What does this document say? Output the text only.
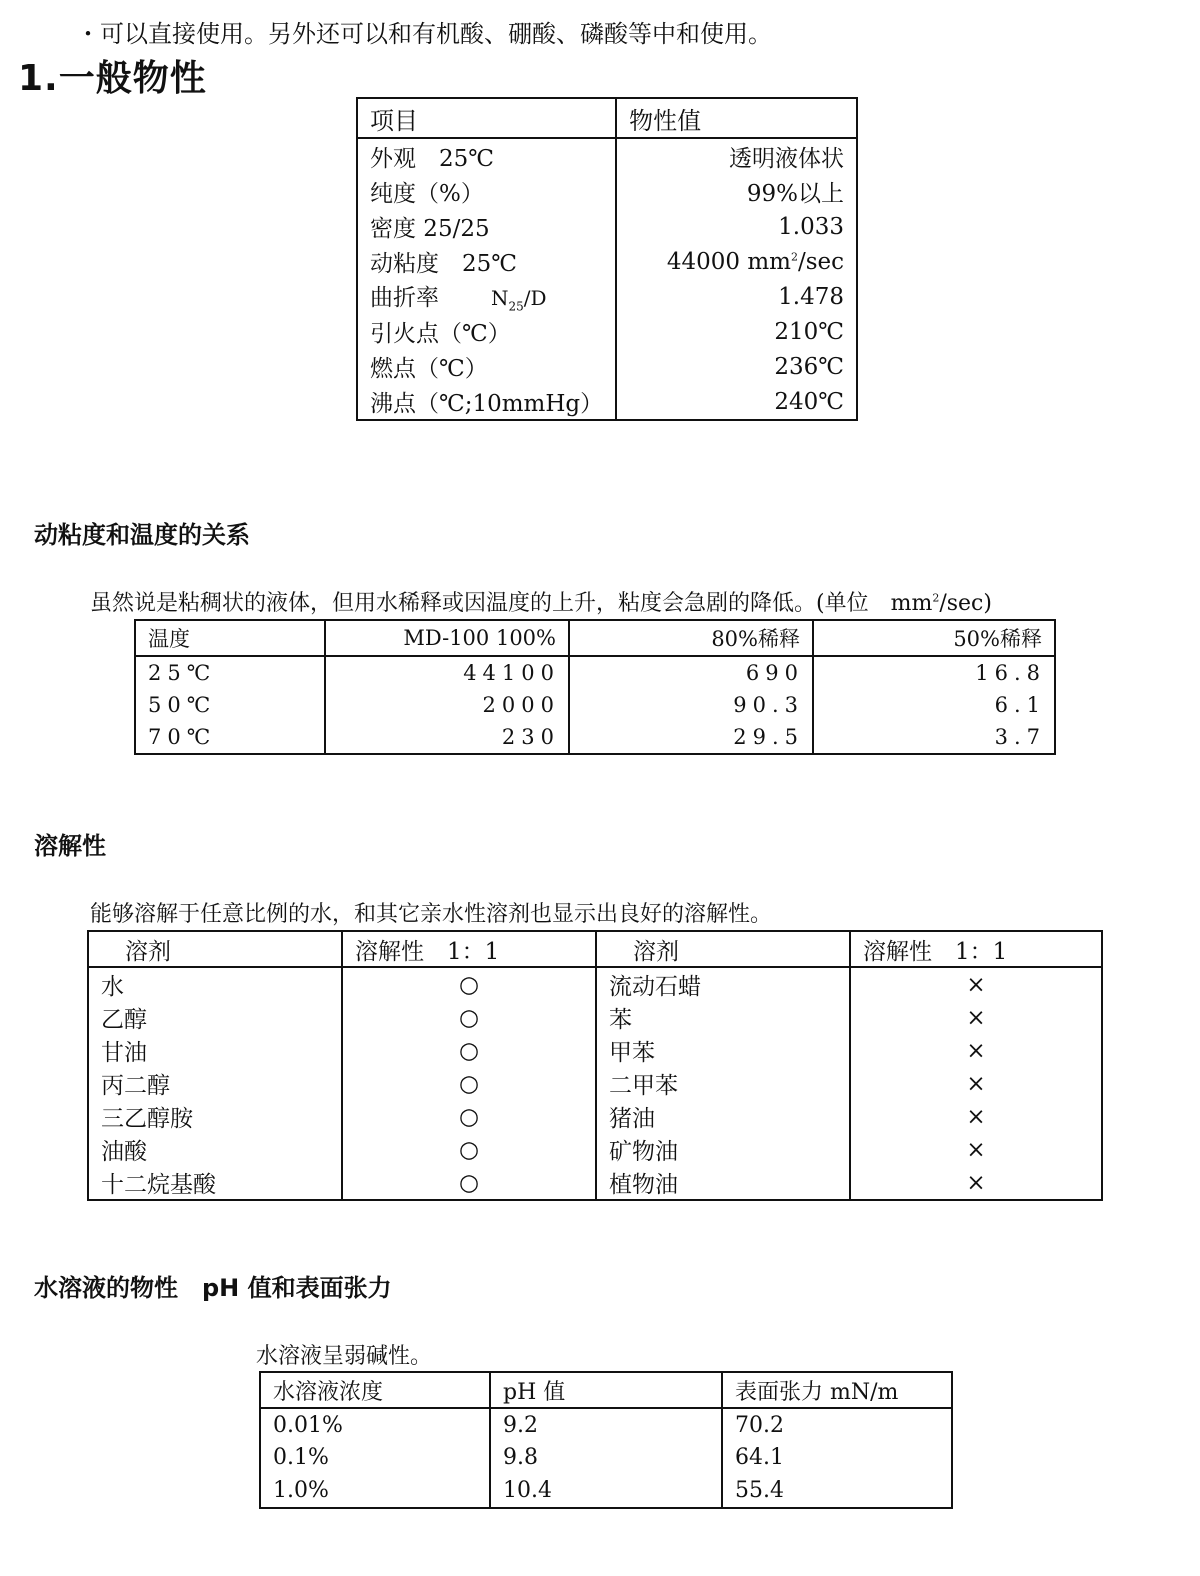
・可以直接使用。另外还可以和有机酸、硼酸、磷酸等中和使用。
1.一般物性
项目	物性值
外观　25℃	透明液体状
纯度（%）	99%以上
密度 25/25	1.033
动粘度　25℃	44000 $mm^2/\sec$
曲折率 $N_{25}/D$	1.478
引火点（℃）	210℃
燃点（℃）	236℃
沸点（℃;10mmHg）	240℃
动粘度和温度的关系
虽然说是粘稠状的液体，但用水稀释或因温度的上升，粘度会急剧的降低。(单位　$mm^2/\sec$)
温度	MD-100 100%	80%稀释	50%稀释
25℃	44100	690	16.8
50℃	2000	90.3	6.1
70℃	230	29.5	3.7
溶解性
能够溶解于任意比例的水，和其它亲水性溶剂也显示出良好的溶解性。
溶剂	溶解性　1：1	溶剂	溶解性　1：1
水	○	流动石蜡	×
乙醇	○	苯	×
甘油	○	甲苯	×
丙二醇	○	二甲苯	×
三乙醇胺	○	猪油	×
油酸	○	矿物油	×
十二烷基酸	○	植物油	×
水溶液的物性　pH 值和表面张力
水溶液呈弱碱性。
水溶液浓度	pH 值	表面张力 mN/m
0.01%	9.2	70.2
0.1%	9.8	64.1
1.0%	10.4	55.4
